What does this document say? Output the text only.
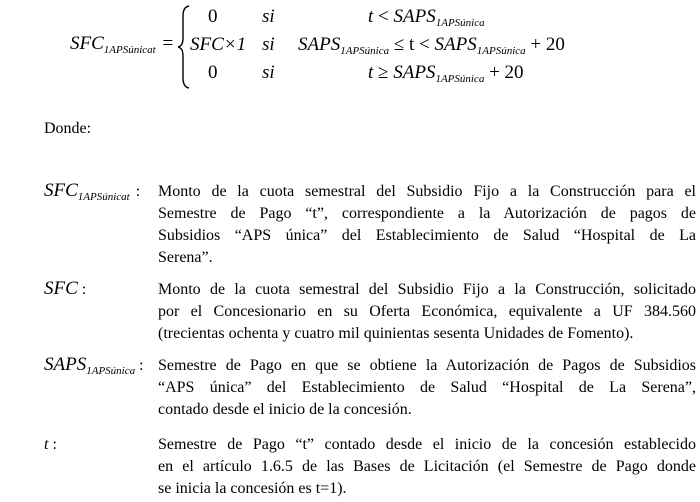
$SFC_{1APSúnicat}$ =
0 si	$t < SAPS_{1APSúnica}$
SFC×1 si $SAPS_{1APSúnica} \le t$ < $SAPS_{1APSúnica} + 20$
0 si	$t \ge SAPS_{1APSúnica} + 20$
Donde:
$SFC_{1APSúnicat}$ :	Monto de la cuota semestral del Subsidio Fijo a la Construcción para el
Semestre de Pago “t”, correspondiente a la Autorización de pagos de
Subsidios “APS única” del Establecimiento de Salud “Hospital de La
Serena”.
SFC :	Monto de la cuota semestral del Subsidio Fijo a la Construcción, solicitado
por el Concesionario en su Oferta Económica, equivalente a UF 384.560
(trecientas ochenta y cuatro mil quinientas sesenta Unidades de Fomento).
$SAPS_{1APSúnica}$ : Semestre de Pago en que se obtiene la Autorización de Pagos de Subsidios
“APS única” del Establecimiento de Salud “Hospital de La Serena”,
contado desde el inicio de la concesión.
t :	Semestre de Pago “t” contado desde el inicio de la concesión establecido
en el artículo 1.6.5 de las Bases de Licitación (el Semestre de Pago donde
se inicia la concesión es t=1).
